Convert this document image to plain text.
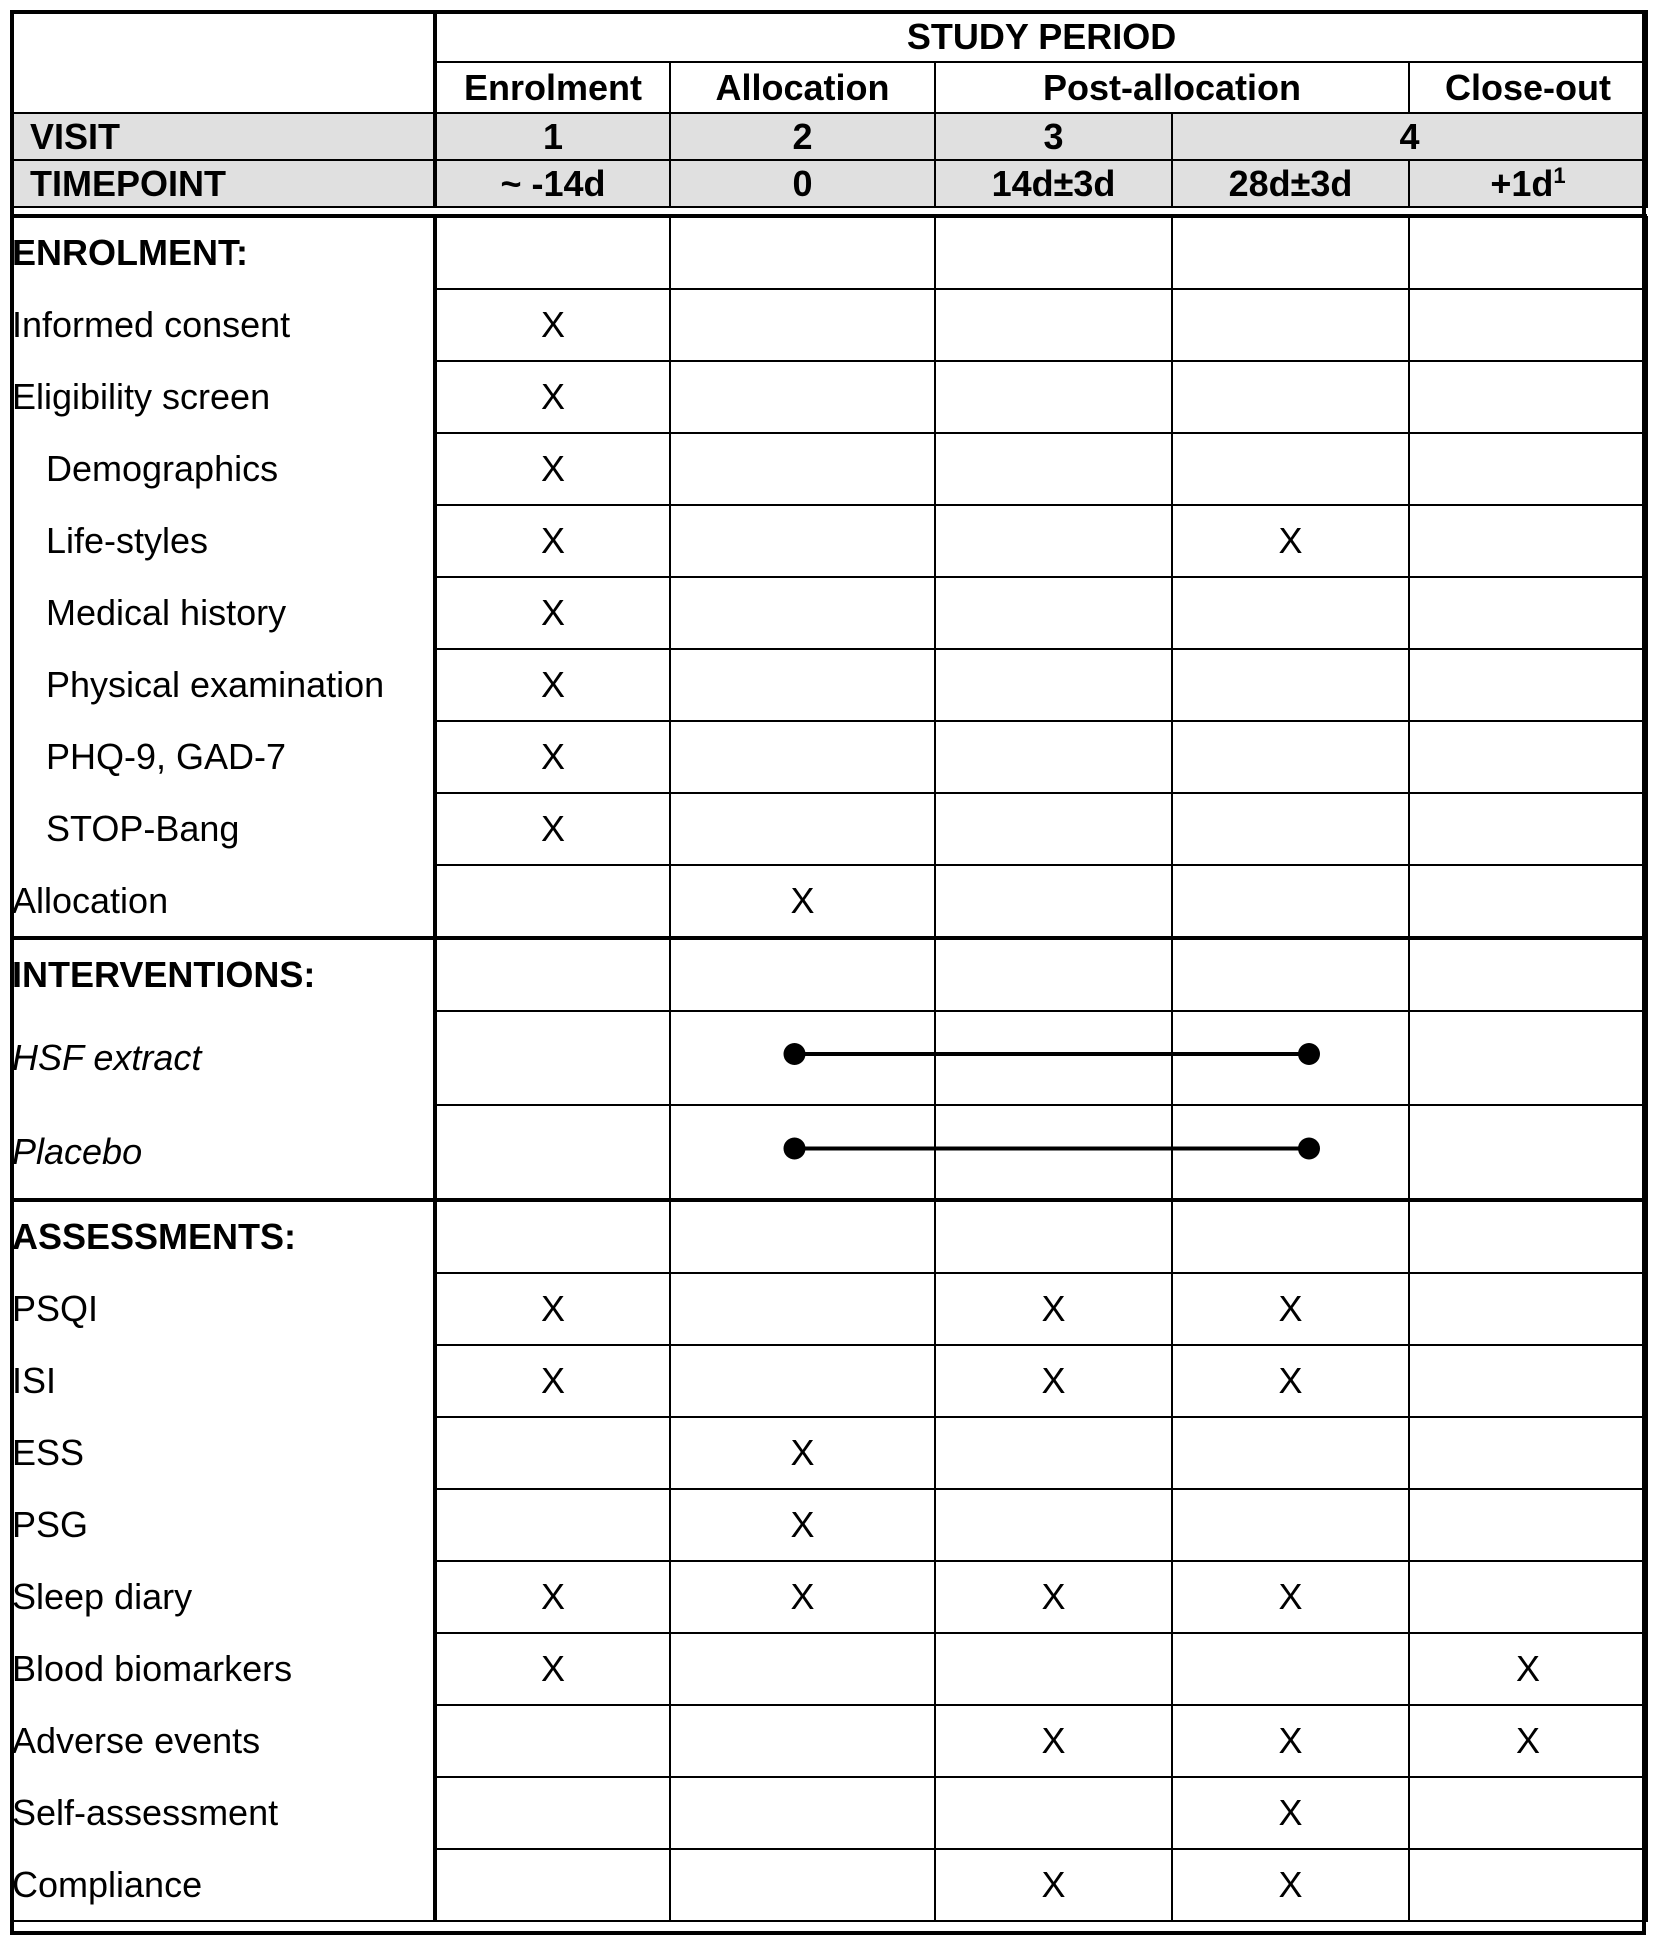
	STUDY PERIOD				
	Enrolment	Allocation	Post-allocation		Close-out
VISIT	1	2	3	4	
TIMEPOINT	~ -14d	0	14d±3d	28d±3d	$+1d^1$

ENROLMENT:					
Informed consent	X				
Eligibility screen	X				
Demographics	X				
Life-styles	X			X	
Medical history	X				
Physical examination	X				
PHQ-9, GAD-7	X				
STOP-Bang	X				
Allocation		X			
INTERVENTIONS:					
HSF extract					
Placebo					
ASSESSMENTS:					
PSQI	X		X	X	
ISI	X		X	X	
ESS		X			
PSG		X			
Sleep diary	X	X	X	X	
Blood biomarkers	X				X
Adverse events			X	X	X
Self-assessment				X	
Compliance			X	X	
